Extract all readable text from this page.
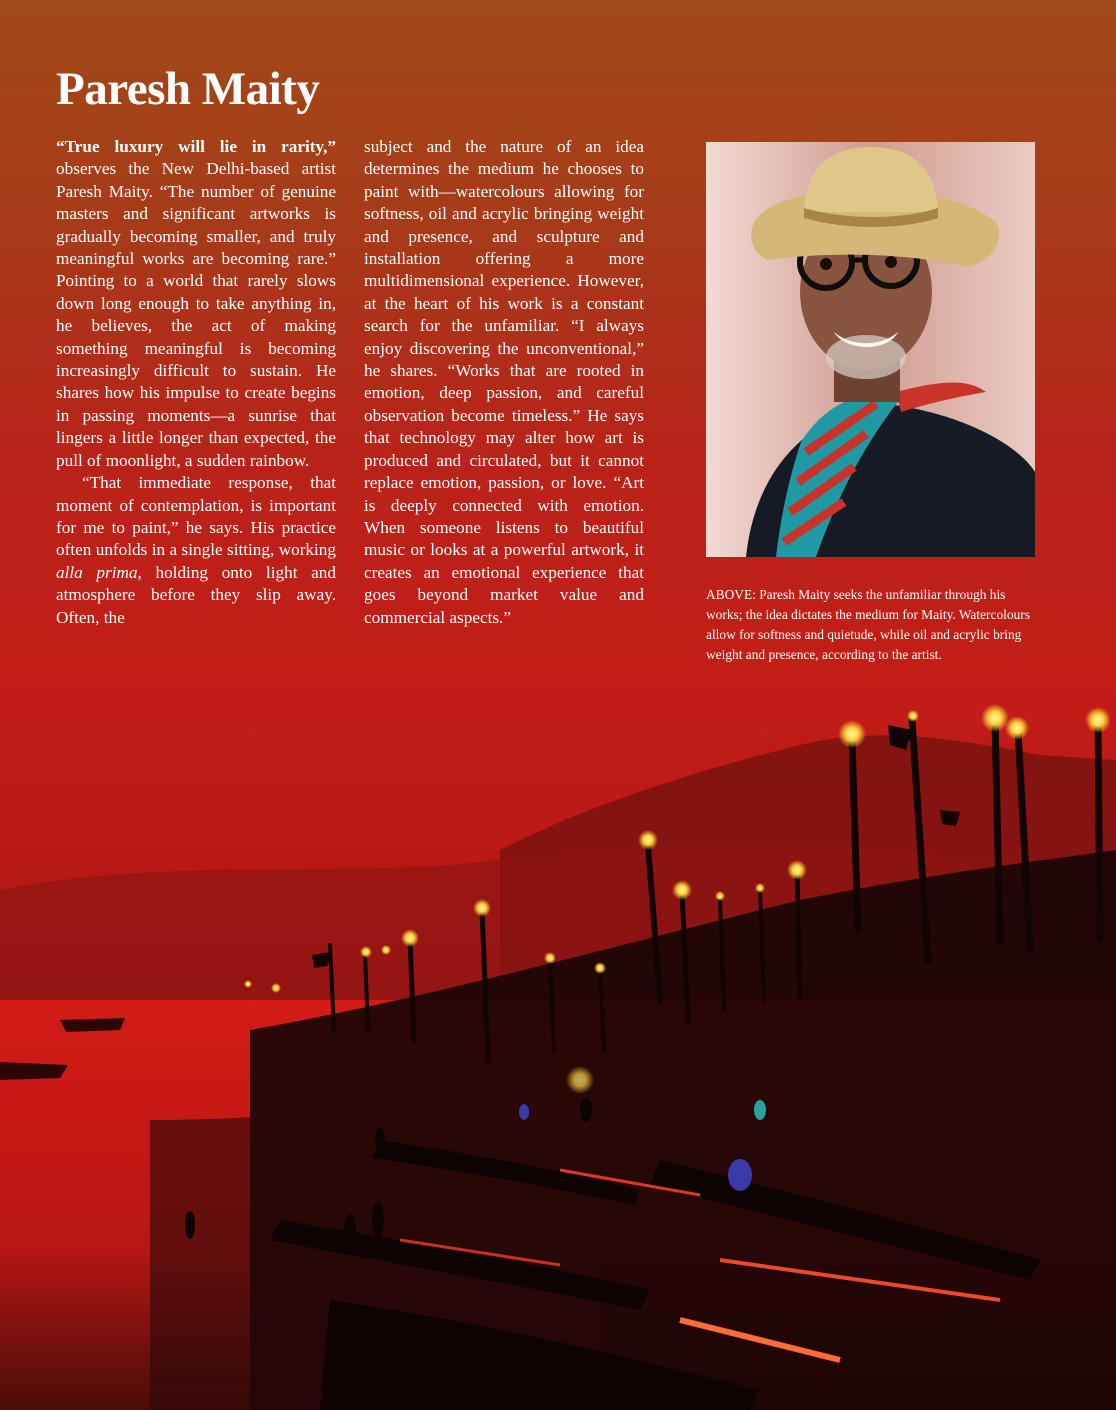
Paresh Maity

“True luxury will lie in rarity,” observes the New Delhi-based artist Paresh Maity. “The number of genuine masters and significant artworks is gradually becoming smaller, and truly meaningful works are becoming rare.” Pointing to a world that rarely slows down long enough to take anything in, he believes, the act of making something meaningful is becoming increasingly difficult to sustain. He shares how his impulse to create begins in passing moments—a sunrise that lingers a little longer than expected, the pull of moonlight, a sudden rainbow.

“That immediate response, that moment of contemplation, is important for me to paint,” he says. His practice often unfolds in a single sitting, working alla prima, holding onto light and atmosphere before they slip away. Often, the

subject and the nature of an idea determines the medium he chooses to paint with—watercolours allowing for softness, oil and acrylic bringing weight and presence, and sculpture and installation offering a more multidimensional experience. However, at the heart of his work is a constant search for the unfamiliar. “I always enjoy discovering the unconventional,” he shares. “Works that are rooted in emotion, deep passion, and careful observation become timeless.” He says that technology may alter how art is produced and circulated, but it cannot replace emotion, passion, or love. “Art is deeply connected with emotion. When someone listens to beautiful music or looks at a powerful artwork, it creates an emotional experience that goes beyond market value and commercial aspects.”

ABOVE: Paresh Maity seeks the unfamiliar through his works; the idea dictates the medium for Maity. Watercolours allow for softness and quietude, while oil and acrylic bring weight and presence, according to the artist.
